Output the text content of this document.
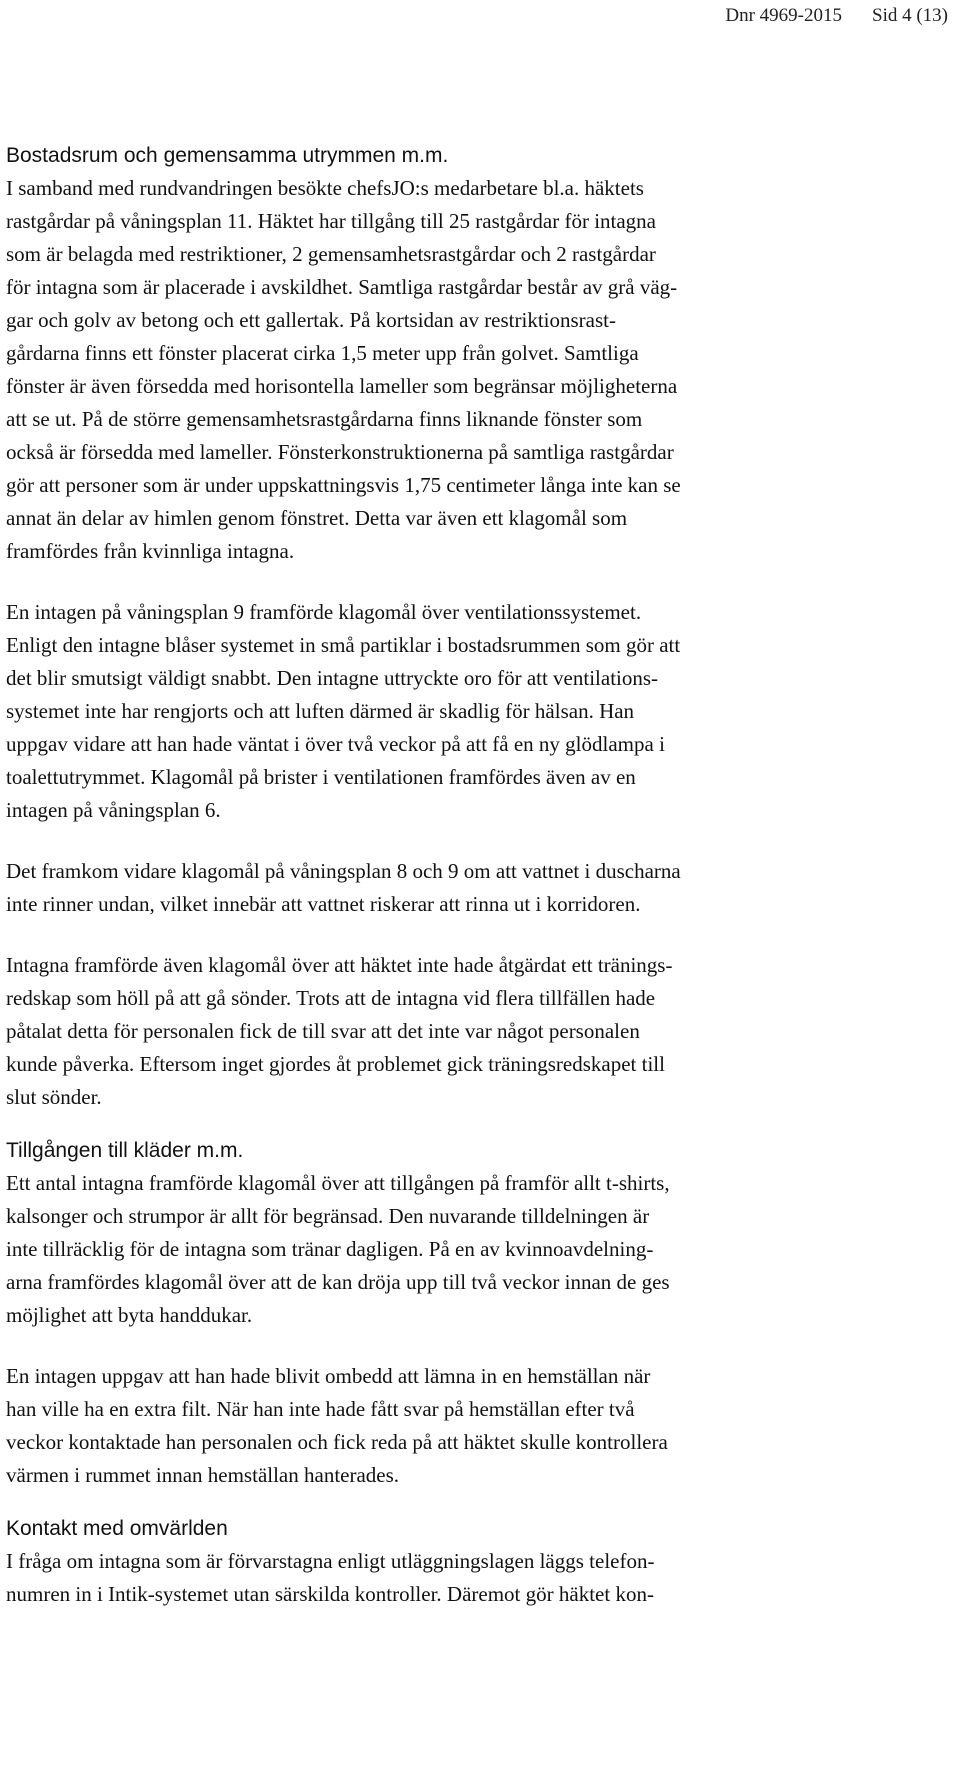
Dnr 4969-2015 Sid 4 (13)
Bostadsrum och gemensamma utrymmen m.m.

I samband med rundvandringen besökte chefsJO:s medarbetare bl.a. häktets
rastgårdar på våningsplan 11. Häktet har tillgång till 25 rastgårdar för intagna
som är belagda med restriktioner, 2 gemensamhetsrastgårdar och 2 rastgårdar
för intagna som är placerade i avskildhet. Samtliga rastgårdar består av grå väg-
gar och golv av betong och ett gallertak. På kortsidan av restriktionsrast-
gårdarna finns ett fönster placerat cirka 1,5 meter upp från golvet. Samtliga
fönster är även försedda med horisontella lameller som begränsar möjligheterna
att se ut. På de större gemensamhetsrastgårdarna finns liknande fönster som
också är försedda med lameller. Fönsterkonstruktionerna på samtliga rastgårdar
gör att personer som är under uppskattningsvis 1,75 centimeter långa inte kan se
annat än delar av himlen genom fönstret. Detta var även ett klagomål som
framfördes från kvinnliga intagna.

En intagen på våningsplan 9 framförde klagomål över ventilationssystemet.
Enligt den intagne blåser systemet in små partiklar i bostadsrummen som gör att
det blir smutsigt väldigt snabbt. Den intagne uttryckte oro för att ventilations-
systemet inte har rengjorts och att luften därmed är skadlig för hälsan. Han
uppgav vidare att han hade väntat i över två veckor på att få en ny glödlampa i
toalettutrymmet. Klagomål på brister i ventilationen framfördes även av en
intagen på våningsplan 6.

Det framkom vidare klagomål på våningsplan 8 och 9 om att vattnet i duscharna
inte rinner undan, vilket innebär att vattnet riskerar att rinna ut i korridoren.

Intagna framförde även klagomål över att häktet inte hade åtgärdat ett tränings-
redskap som höll på att gå sönder. Trots att de intagna vid flera tillfällen hade
påtalat detta för personalen fick de till svar att det inte var något personalen
kunde påverka. Eftersom inget gjordes åt problemet gick träningsredskapet till
slut sönder.

Tillgången till kläder m.m.

Ett antal intagna framförde klagomål över att tillgången på framför allt t-shirts,
kalsonger och strumpor är allt för begränsad. Den nuvarande tilldelningen är
inte tillräcklig för de intagna som tränar dagligen. På en av kvinnoavdelning-
arna framfördes klagomål över att de kan dröja upp till två veckor innan de ges
möjlighet att byta handdukar.

En intagen uppgav att han hade blivit ombedd att lämna in en hemställan när
han ville ha en extra filt. När han inte hade fått svar på hemställan efter två
veckor kontaktade han personalen och fick reda på att häktet skulle kontrollera
värmen i rummet innan hemställan hanterades.

Kontakt med omvärlden

I fråga om intagna som är förvarstagna enligt utläggningslagen läggs telefon-
numren in i Intik-systemet utan särskilda kontroller. Däremot gör häktet kon-
